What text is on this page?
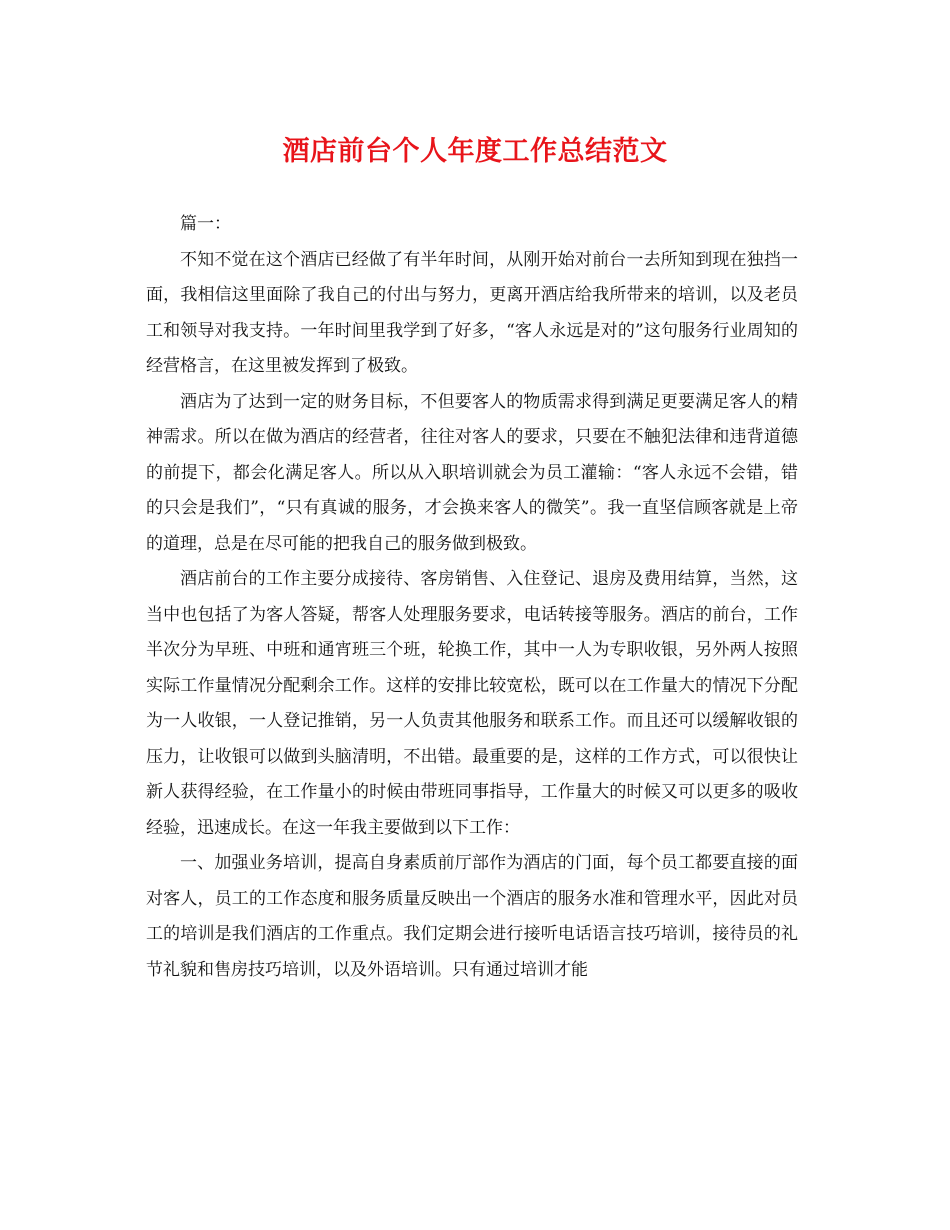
酒店前台个人年度工作总结范文

篇一：

不知不觉在这个酒店已经做了有半年时间，从刚开始对前台一去所知到现在独挡一面，我相信这里面除了我自己的付出与努力，更离开酒店给我所带来的培训，以及老员工和领导对我支持。一年时间里我学到了好多，“客人永远是对的”这句服务行业周知的经营格言，在这里被发挥到了极致。

酒店为了达到一定的财务目标，不但要客人的物质需求得到满足更要满足客人的精神需求。所以在做为酒店的经营者，往往对客人的要求，只要在不触犯法律和违背道德的前提下，都会化满足客人。所以从入职培训就会为员工灌输：“客人永远不会错，错的只会是我们”，“只有真诚的服务，才会换来客人的微笑”。我一直坚信顾客就是上帝的道理，总是在尽可能的把我自己的服务做到极致。

酒店前台的工作主要分成接待、客房销售、入住登记、退房及费用结算，当然，这当中也包括了为客人答疑，帮客人处理服务要求，电话转接等服务。酒店的前台，工作半次分为早班、中班和通宵班三个班，轮换工作，其中一人为专职收银，另外两人按照实际工作量情况分配剩余工作。这样的安排比较宽松，既可以在工作量大的情况下分配为一人收银，一人登记推销，另一人负责其他服务和联系工作。而且还可以缓解收银的压力，让收银可以做到头脑清明，不出错。最重要的是，这样的工作方式，可以很快让新人获得经验，在工作量小的时候由带班同事指导，工作量大的时候又可以更多的吸收经验，迅速成长。在这一年我主要做到以下工作：

一、加强业务培训，提高自身素质前厅部作为酒店的门面，每个员工都要直接的面对客人，员工的工作态度和服务质量反映出一个酒店的服务水准和管理水平，因此对员工的培训是我们酒店的工作重点。我们定期会进行接听电话语言技巧培训，接待员的礼节礼貌和售房技巧培训，以及外语培训。只有通过培训才能
